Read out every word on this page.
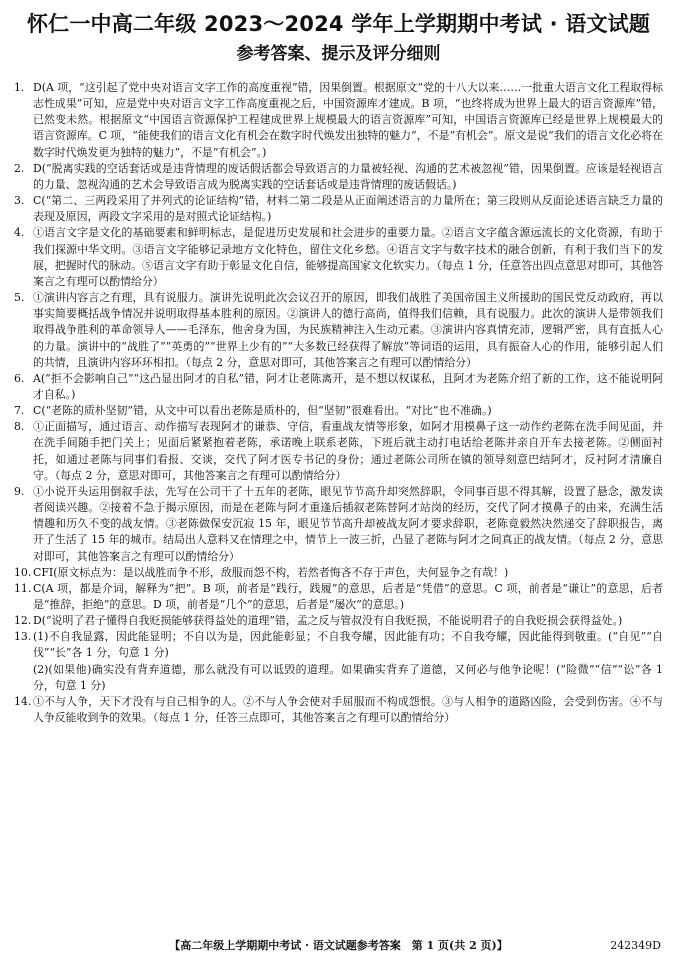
怀仁一中高二年级 2023～2024 学年上学期期中考试 · 语文试题
参考答案、提示及评分细则
1. D(A 项，“这引起了党中央对语言文字工作的高度重视”错，因果倒置。根据原文“党的十八大以来……一批重大语言文化工程取得标志性成果”可知，应是党中央对语言文字工作高度重视之后，中国资源库才建成。B 项，“也终将成为世界上最大的语言资源库”错，已然变未然。根据原文“中国语言资源保护工程建成世界上规模最大的语言资源库”可知，中国语言资源库已经是世界上规模最大的语言资源库。C 项，“能使我们的语言文化有机会在数字时代焕发出独特的魅力”，不是“有机会”。原文是说“我们的语言文化必将在数字时代焕发更为独特的魅力”，不是“有机会”。)
2. D(“脱离实践的空话套话或是违背情理的废话假话都会导致语言的力量被轻视、沟通的艺术被忽视”错，因果倒置。应该是轻视语言的力量、忽视沟通的艺术会导致语言成为脱离实践的空话套话或是违背情理的废话假话。)
3. C(“第二、三两段采用了并列式的论证结构”错，材料二第二段是从正面阐述语言的力量所在；第三段则从反面论述语言缺乏力量的表现及原因，两段文字采用的是对照式论证结构。)
4. ①语言文字是文化的基础要素和鲜明标志，是促进历史发展和社会进步的重要力量。②语言文字蕴含源远流长的文化资源，有助于我们探源中华文明。③语言文字能够记录地方文化特色，留住文化乡愁。④语言文字与数字技术的融合创新，有利于我们当下的发展，把握时代的脉动。⑤语言文字有助于彰显文化自信，能够提高国家文化软实力。（每点 1 分，任意答出四点意思对即可，其他答案言之有理可以酌情给分）
5. ①演讲内容言之有理，具有说服力。演讲先说明此次会议召开的原因，即我们战胜了美国帝国主义所援助的国民党反动政府，再以事实简要概括战争情况并说明取得基本胜利的原因。②演讲人的德行高尚，值得我们信赖，具有说服力。此次的演讲人是带领我们取得战争胜利的革命领导人——毛泽东，他舍身为国，为民族精神注入生动元素。③演讲内容真情充沛，逻辑严密，具有直抵人心的力量。演讲中的“战胜了”“英勇的”“世界上少有的”“大多数已经获得了解放”等词语的运用，具有振奋人心的作用，能够引起人们的共情，且演讲内容环环相扣。（每点 2 分，意思对即可，其他答案言之有理可以酌情给分）
6. A(“拒不会影响自己”“这凸显出阿才的自私”错，阿才让老陈离开，是不想以权谋私，且阿才为老陈介绍了新的工作，这不能说明阿才自私。)
7. C(“老陈的质朴坚韧”错，从文中可以看出老陈是质朴的，但“坚韧”很难看出。“对比”也不准确。)
8. ①正面描写，通过语言、动作描写表现阿才的谦恭、守信，看重战友情等形象，如阿才用模鼻子这一动作约老陈在洗手间见面，并在洗手间随手把门关上；见面后紧紧抱着老陈，承诺晚上联系老陈，下班后就主动打电话给老陈并亲自开车去接老陈。②侧面衬托，如通过老陈与同事们看报、交谈，交代了阿才医专书记的身份；通过老陈公司所在镇的领导刻意巴结阿才，反衬阿才清廉自守。（每点 2 分，意思对即可，其他答案言之有理可以酌情给分）
9. ①小说开头运用倒叙手法，先写在公司干了十五年的老陈，眼见节节高升却突然辞职，令同事百思不得其解，设置了悬念，激发读者阅读兴趣。②接着不急于揭示原因，而是在老陈与阿才重逢后插叙老陈替阿才站岗的经历，交代了阿才摸鼻子的由来，充满生活情趣和历久不变的战友情。③老陈做保安沉寂 15 年，眼见节节高升却被战友阿才要求辞职，老陈竟毅然决然递交了辞职报告，离开了生活了 15 年的城市。结局出人意料又在情理之中，情节上一波三折，凸显了老陈与阿才之间真正的战友情。（每点 2 分，意思对即可，其他答案言之有理可以酌情给分）
10. CFI(原文标点为：是以战胜而争不形，敌服而怨不构，若然者悔吝不存于声色，夫何显争之有哉！)
11. C(A 项，都是介词，解释为“把”。B 项，前者是“践行，践履”的意思，后者是“凭借”的意思。C 项，前者是“谦让”的意思，后者是“推辞，拒绝”的意思。D 项，前者是“几个”的意思，后者是“屡次”的意思。)
12. D(“说明了君子懂得自我贬损能够获得益处的道理”错，孟之反与管叔没有自我贬损，不能说明君子的自我贬损会获得益处。)
13. (1)不自我显露，因此能显明；不自以为是，因此能彰显；不自我夸耀，因此能有功；不自我夸耀，因此能得到敬重。(“自见”“自伐”“长”各 1 分，句意 1 分)
(2)(如果他)确实没有背弃道德，那么就没有可以诋毁的道理。如果确实背弃了道德，又何必与他争论呢！(“险微”“信”“讼”各 1 分，句意 1 分)
14. ①不与人争，天下才没有与自己相争的人。②不与人争会使对手屈服而不构成怨恨。③与人相争的道路凶险，会受到伤害。④不与人争反能收到争的效果。（每点 1 分，任答三点即可，其他答案言之有理可以酌情给分）
【高二年级上学期期中考试 · 语文试题参考答案　第 1 页(共 2 页)】	242349D
